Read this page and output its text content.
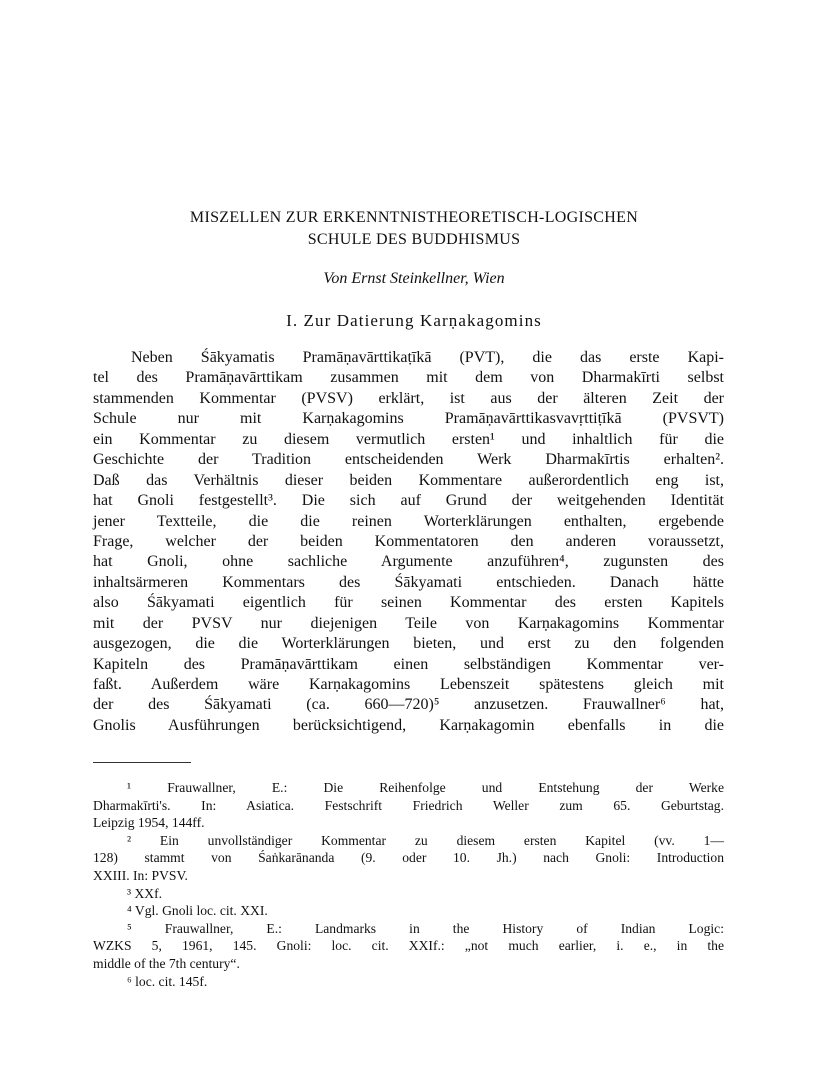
MISZELLEN ZUR ERKENNTNISTHEORETISCH-LOGISCHEN
SCHULE DES BUDDHISMUS

Von Ernst Steinkellner, Wien

I. Zur Datierung Karṇakagomins
Neben Śākyamatis Pramāṇavārttikaṭīkā (PVT), die das erste Kapi-
tel des Pramāṇavārttikam zusammen mit dem von Dharmakīrti selbst
stammenden Kommentar (PVSV) erklärt, ist aus der älteren Zeit der
Schule nur mit Karṇakagomins Pramāṇavārttikasvavṛttiṭīkā (PVSVT)
ein Kommentar zu diesem vermutlich ersten¹ und inhaltlich für die
Geschichte der Tradition entscheidenden Werk Dharmakīrtis erhalten².
Daß das Verhältnis dieser beiden Kommentare außerordentlich eng ist,
hat Gnoli festgestellt³. Die sich auf Grund der weitgehenden Identität
jener Textteile, die die reinen Worterklärungen enthalten, ergebende
Frage, welcher der beiden Kommentatoren den anderen voraussetzt,
hat Gnoli, ohne sachliche Argumente anzuführen⁴, zugunsten des
inhaltsärmeren Kommentars des Śākyamati entschieden. Danach hätte
also Śākyamati eigentlich für seinen Kommentar des ersten Kapitels
mit der PVSV nur diejenigen Teile von Karṇakagomins Kommentar
ausgezogen, die die Worterklärungen bieten, und erst zu den folgenden
Kapiteln des Pramāṇavārttikam einen selbständigen Kommentar ver-
faßt. Außerdem wäre Karṇakagomins Lebenszeit spätestens gleich mit
der des Śākyamati (ca. 660—720)⁵ anzusetzen. Frauwallner⁶ hat,
Gnolis Ausführungen berücksichtigend, Karṇakagomin ebenfalls in die
¹ Frauwallner, E.: Die Reihenfolge und Entstehung der Werke
Dharmakīrti's. In: Asiatica. Festschrift Friedrich Weller zum 65. Geburtstag.
Leipzig 1954, 144ff.
² Ein unvollständiger Kommentar zu diesem ersten Kapitel (vv. 1—
128) stammt von Śaṅkarānanda (9. oder 10. Jh.) nach Gnoli: Introduction
XXIII. In: PVSV.
³ XXf.
⁴ Vgl. Gnoli loc. cit. XXI.
⁵ Frauwallner, E.: Landmarks in the History of Indian Logic:
WZKS 5, 1961, 145. Gnoli: loc. cit. XXIf.: „not much earlier, i. e., in the
middle of the 7th century“.
⁶ loc. cit. 145f.
